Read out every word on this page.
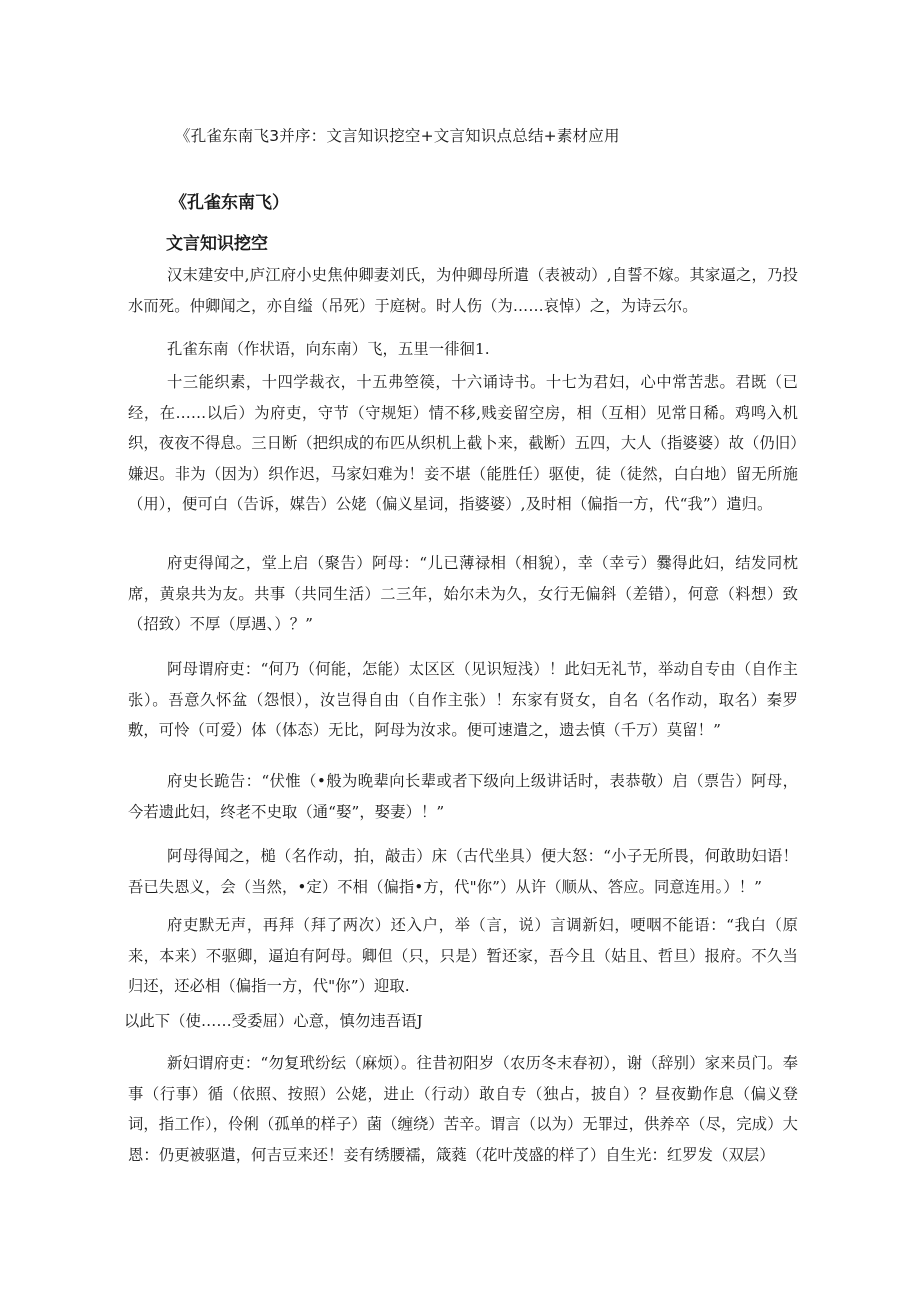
《孔雀东南飞3并序：文言知识挖空+文言知识点总结+素材应用
《孔雀东南飞）
文言知识挖空
汉末建安中,庐江府小史焦仲卿妻刘氏，为仲卿母所遣（表被动）,自誓不嫁。其家逼之，乃投水而死。仲卿闻之，亦自缢（吊死）于庭树。时人伤（为……哀悼）之，为诗云尔。
孔雀东南（作状语，向东南）飞，五里一徘徊1.
十三能织素，十四学裁衣，十五弗箜篌，十六诵诗书。十七为君妇，心中常苦悲。君既（已经，在……以后）为府吏，守节（守规矩）情不移,贱妾留空房，相（互相）见常日稀。鸡鸣入机织，夜夜不得息。三日断（把织成的布匹从织机上截卜来，截断）五四，大人（指婆婆）故（仍旧）嫌迟。非为（因为）织作迟，马家妇难为！妾不堪（能胜任）驱使，徒（徒然，白白地）留无所施（用），便可白（告诉，媒告）公姥（偏义星词，指婆婆）,及时相（偏指一方，代“我”）遣归。
府吏得闻之，堂上启（聚告）阿母：“儿已薄禄相（相貌），幸（幸亏）爨得此妇，结发同枕席，黄泉共为友。共事（共同生活）二三年，始尔未为久，女行无偏斜（差错），何意（料想）致（招致）不厚（厚遇、）？”
阿母谓府吏：“何乃（何能，怎能）太区区（见识短浅）！此妇无礼节，举动自专由（自作主张）。吾意久怀盆（怨恨），汝岂得自由（自作主张）！东家有贤女，自名（名作动，取名）秦罗敷，可怜（可爱）体（体态）无比，阿母为汝求。便可速遣之，遗去慎（千万）莫留！”
府史长跪告：“伏惟（•般为晚辈向长辈或者下级向上级讲话时，表恭敬）启（票告）阿母，今若遗此妇，终老不史取（通“娶”，娶妻）！”
阿母得闻之，槌（名作动，拍，敲击）床（古代坐具）便大怒：“小子无所畏，何敢助妇语！吾已失恩义，会（当然，•定）不相（偏指•方，代"你”）从许（顺从、答应。同意连用。）！”
府吏默无声，再拜（拜了两次）还入户，举（言，说）言调新妇，哽咽不能语：“我白（原来，本来）不驱卿，逼迫有阿母。卿但（只，只是）暂还家，吾今且（姑且、哲旦）报府。不久当归还，还必相（偏指一方，代"你”）迎取.
以此下（使……受委屈）心意，慎勿违吾语J
新妇谓府吏：“勿复玳纷纭（麻烦）。往昔初阳岁（农历冬末春初），谢（辞别）家来员门。奉事（行事）循（依照、按照）公姥，进止（行动）敢自专（独占，披自）？昼夜勤作息（偏义登词，指工作），伶俐（孤单的样子）菌（缠绕）苦辛。谓言（以为）无罪过，供养卒（尽，完成）大恩：仍更被驱遣，何吉豆来还！妾有绣腰襦，箴蕤（花叶茂盛的样了）自生光：红罗发（双层）
